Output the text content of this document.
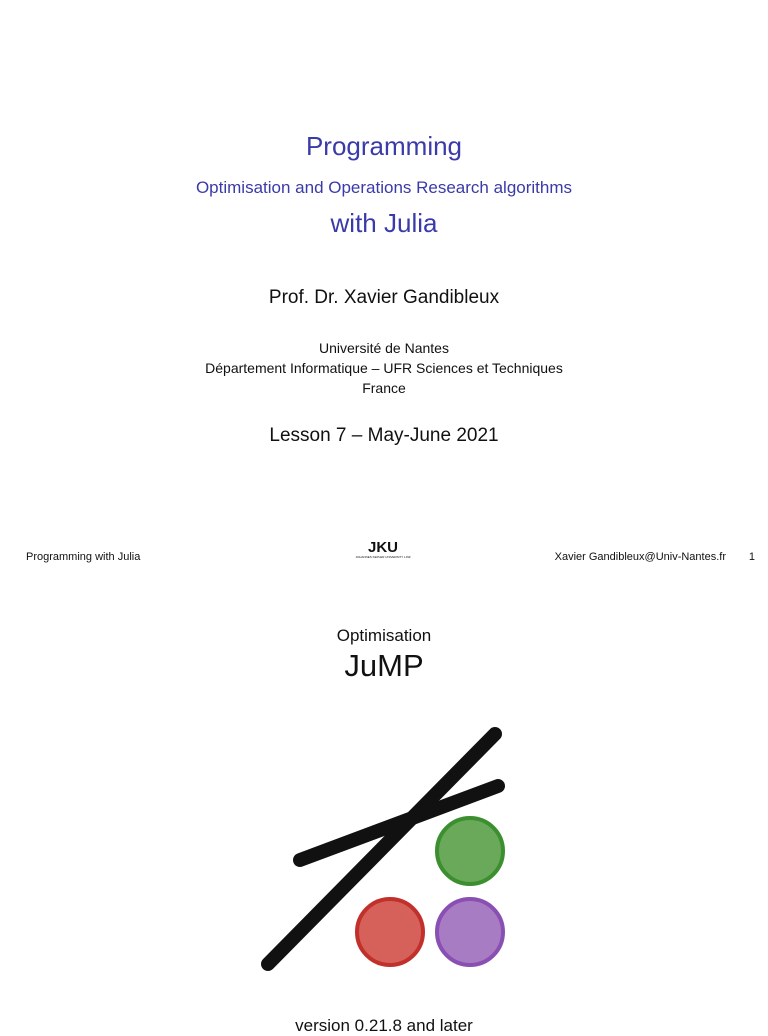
Programming
Optimisation and Operations Research algorithms
with Julia
Prof. Dr. Xavier Gandibleux
Université de Nantes
Département Informatique – UFR Sciences et Techniques
France
Lesson 7 – May-June 2021
Programming with Julia
JKU
JOHANNES KEPLER UNIVERSITY LINZ	Xavier Gandibleux@Univ-Nantes.fr 1
Optimisation
JuMP
version 0.21.8 and later
